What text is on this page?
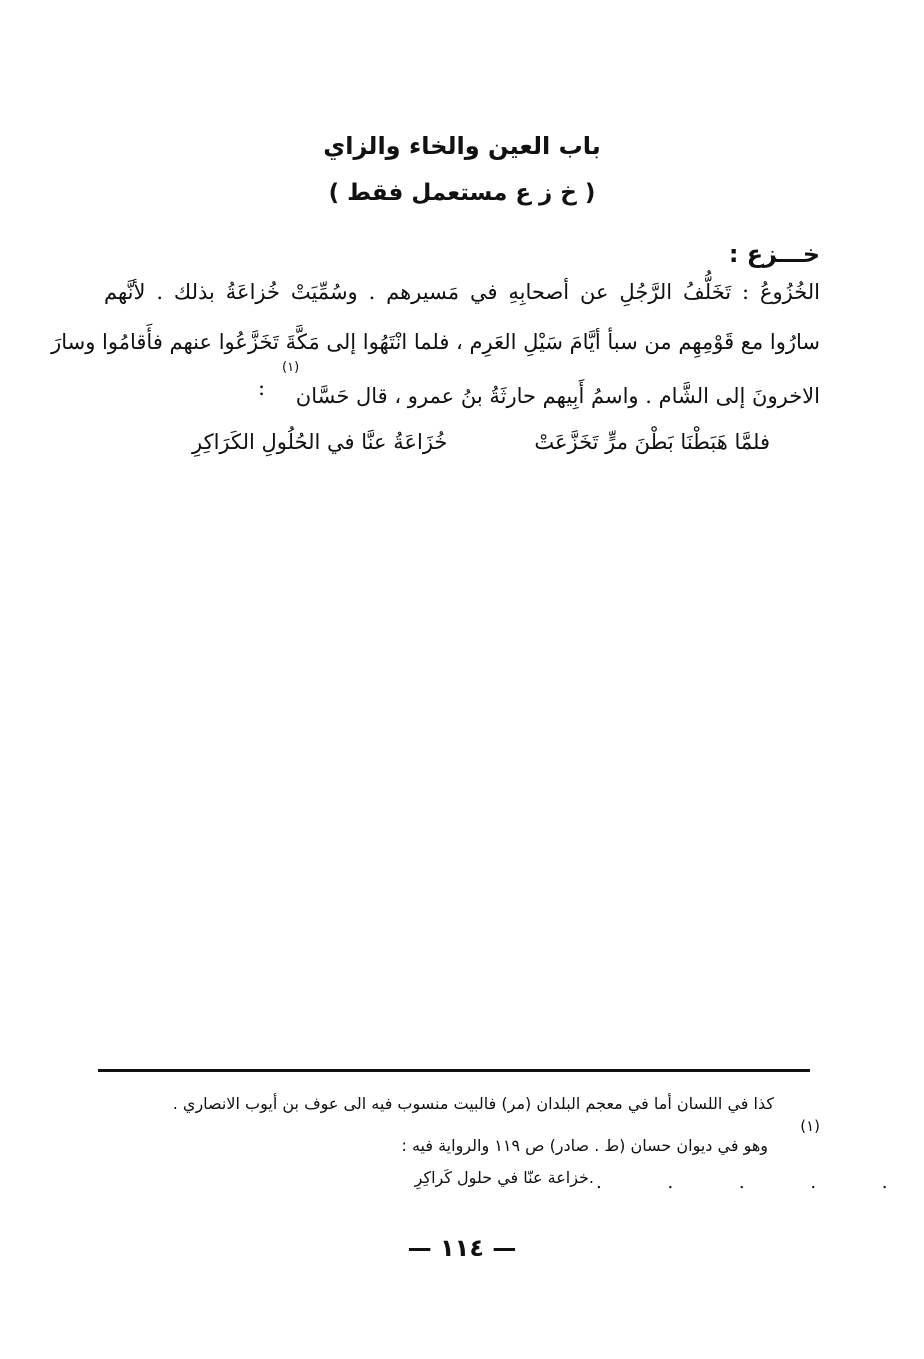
باب العين والخاء والزاي
( خ ز ع مستعمل فقط )
خـــزع :
الخُزُوعُ : تَخَلُّفُ الرَّجُلِ عن أصحابِهِ في مَسيرهم . وسُمِّيَتْ خُزاعَةُ بذلك . لأنَّهم
سارُوا مع قَوْمِهِم من سبأ أيَّامَ سَيْلِ العَرِم ، فلما انْتَهُوا إلى مَكَّةَ تَخَزَّعُوا عنهم فأَقامُوا وسارَ
الاخرونَ إلى الشَّام . واسمُ أَبِيهم حارثَةُ بنُ عمرو ، قال حَسَّان
(١)
:
فلمَّا هَبَطْنَا بَطْنَ مرٍّ تَخَزَّعَتْ
خُزَاعَةُ عنَّا في الحُلُولِ الكَرَاكِرِ
(١)
كذا في اللسان أما في معجم البلدان (مر) فالبيت منسوب فيه الى عوف بن أيوب الانصاري .
وهو في ديوان حسان (ط . صادر) ص ١١٩ والرواية فيه :
.خزاعة عنّا في حلول كَراكِرِ . . . . .
— ١١٤ —
